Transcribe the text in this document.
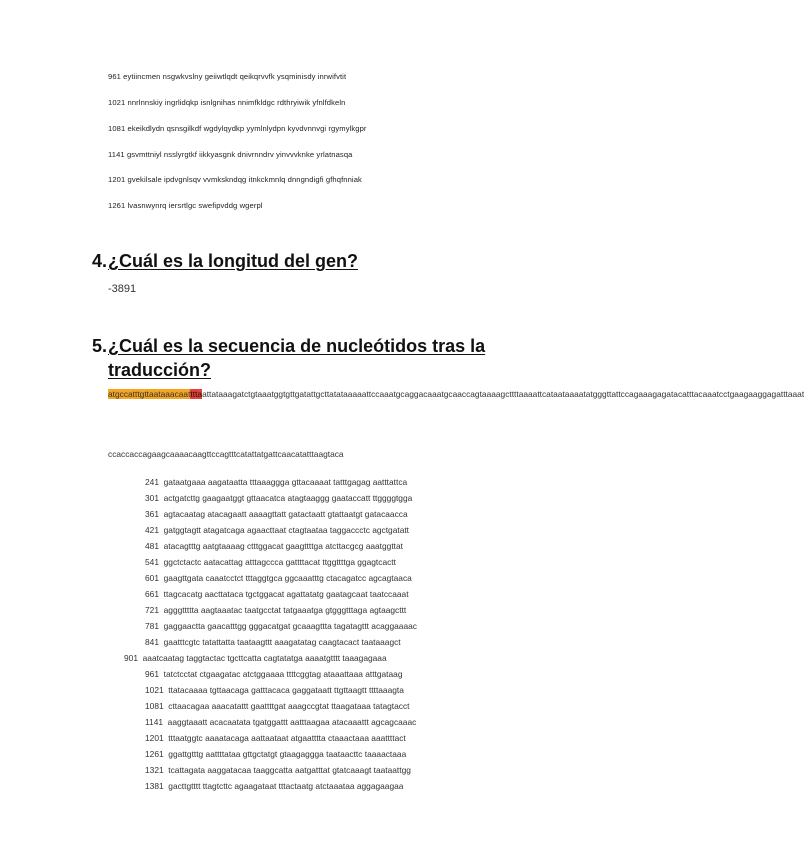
961 eytiincmen nsgwkvslny geiiwtlqdt qeikqrvvfk ysqminisdy inrwifvtit
1021 nnrlnnskiy ingrlidqkp isnlgnihas nnimfkldgc rdthryiwik yfnlfdkeln
1081 ekeikdlydn qsnsgilkdf wgdylqydkp yymlnlydpn kyvdvnnvgi rgymylkgpr
1141 gsvmttniyl nsslyrgtkf iikkyasgnk dnivrnndrv yinvvvknke yrlatnasqa
1201 gvekilsale ipdvgnlsqv vvmkskndqg itnkckmnlq dnngndigfi gfhqfnniak
1261 lvasnwynrq iersrtlgc swefipvddg wgerpl
4.¿Cuál es la longitud del gen?
-3891
5.¿Cuál es la secuencia de nucleótidos tras la
traducción?
atgccatttgttaataaacaattttaattataaagatctgtaaatggtgttgatattgcttatataaaaattccaaatgcaggacaaatgcaaccagtaaaagcttttaaaattcataataaaatatgggttattccagaaagagatacatttacaaatcctgaagaaggagatttaaat
ccaccaccagaagcaaaacaagttccagtttcatattatgattcaacatatttaagtaca
241  gataatgaaa aagataatta tttaaaggga gttacaaaat tatttgagag aatttattca
301  actgatcttg gaagaatggt gttaacatca atagtaaggg gaataccatt ttggggtgga
361  agtacaatag atacagaatt aaaagttatt gatactaatt gtattaatgt gatacaacca
421  gatggtagtt atagatcaga agaacttaat ctagtaataa taggaccctc agctgatatt
481  atacagtttg aatgtaaaag ctttggacat gaagttttga atcttacgcg aaatggttat
541  ggctctactc aatacattag atttagccca gattttacat ttggttttga ggagtcactt
601  gaagttgata caaatcctct tttaggtgca ggcaaatttg ctacagatcc agcagtaaca
661  ttagcacatg aacttataca tgctggacat agattatatg gaatagcaat taatccaaat
721  agggttttta aagtaaatac taatgcctat tatgaaatga gtgggtttaga agtaagcttt
781  gaggaactta gaacatttgg gggacatgat gcaaagttta tagatagttt acaggaaaac
841  gaatttcgtc tatattatta taataagttt aaagatatag caagtacact taataaagct
901  aaatcaatag taggtactac tgcttcatta cagtatatga aaaatgtttt taaagagaaa
961  tatctcctat ctgaagatac atctggaaaa ttttcggtag ataaattaaa atttgataag
1021  ttatacaaaa tgttaacaga gatttacaca gaggataatt ttgttaagtt ttttaaagta
1081  cttaacagaa aaacatattt gaattttgat aaagccgtat ttaagataaa tatagtacct
1141  aaggtaaatt acacaatata tgatggattt aatttaagaa atacaaattt agcagcaaac
1201  tttaatggtc aaaatacaga aattaataat atgaatttta ctaaactaaa aaattttact
1261  ggattgtttg aattttataa gttgctatgt gtaagaggga taataacttc taaaactaaa
1321  tcattagata aaggatacaa taaggcatta aatgatttat gtatcaaagt taataattgg
1381  gacttgtttt ttagtcttc agaagataat tttactaatg atctaaataa aggagaagaa
